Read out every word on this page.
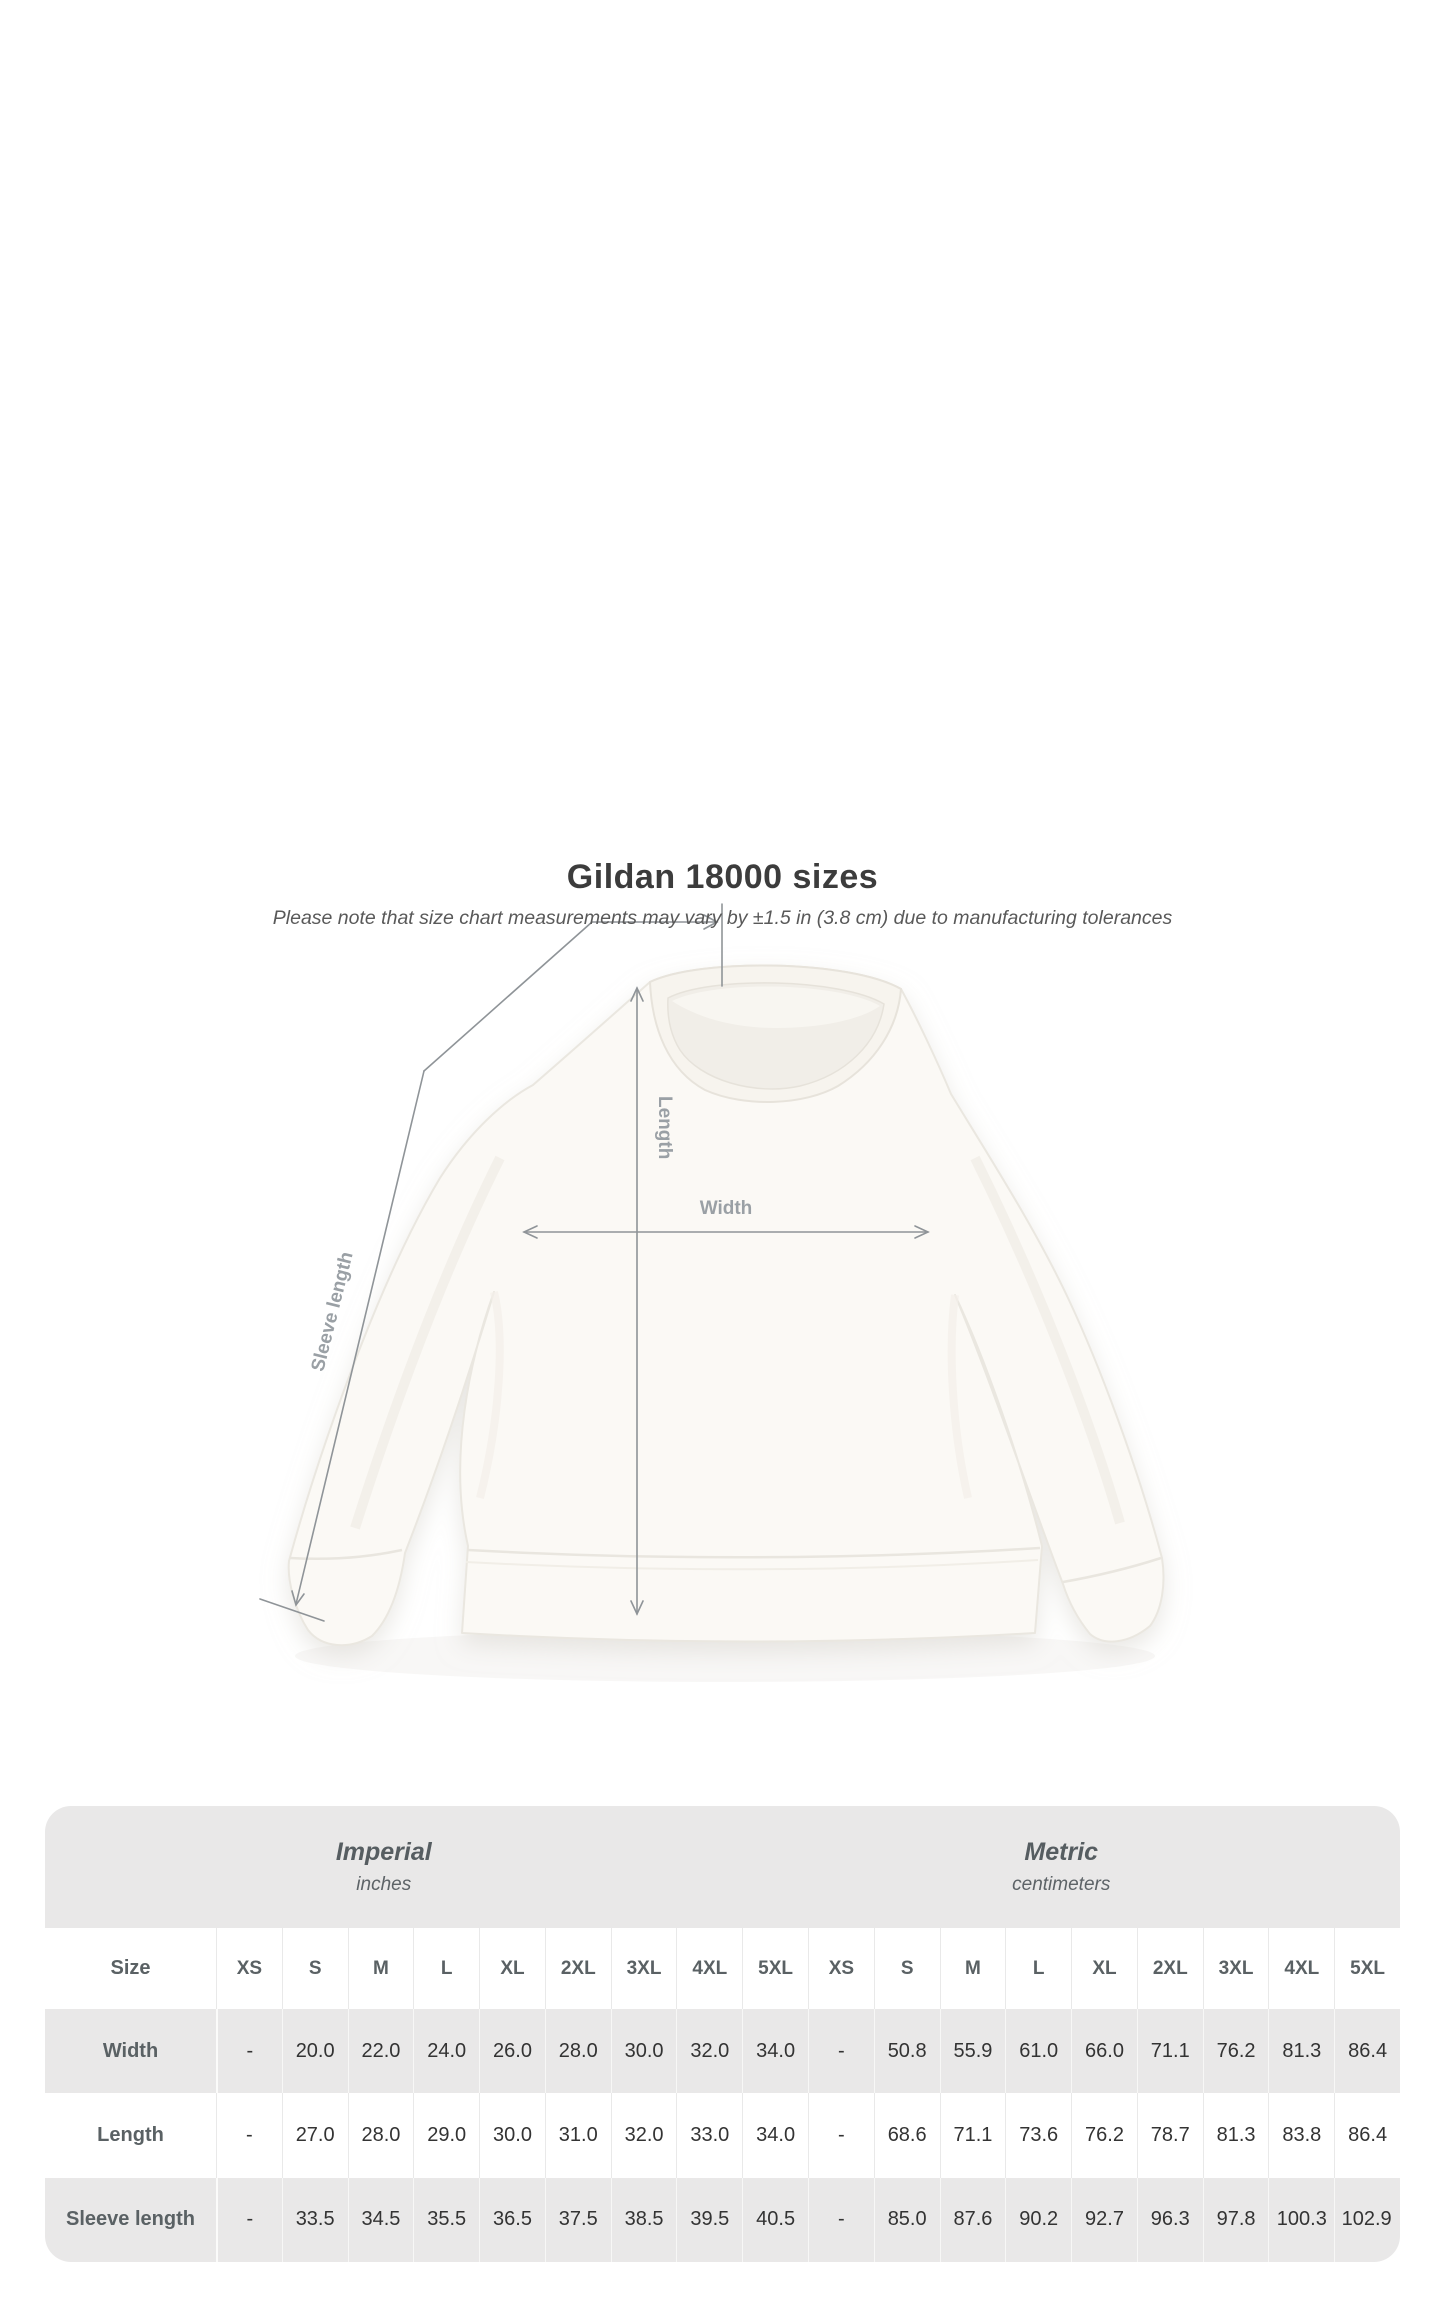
Length
Width
Sleeve length
Gildan 18000 sizes
Please note that size chart measurements may vary by ±1.5 in (3.8 cm) due to manufacturing tolerances
Imperial
inches
Metric
centimeters
Size	XS	S	M	L	XL	2XL	3XL	4XL	5XL	XS	S	M	L	XL	2XL	3XL	4XL	5XL
Width	-	20.0	22.0	24.0	26.0	28.0	30.0	32.0	34.0	-	50.8	55.9	61.0	66.0	71.1	76.2	81.3	86.4
Length	-	27.0	28.0	29.0	30.0	31.0	32.0	33.0	34.0	-	68.6	71.1	73.6	76.2	78.7	81.3	83.8	86.4
Sleeve length	-	33.5	34.5	35.5	36.5	37.5	38.5	39.5	40.5	-	85.0	87.6	90.2	92.7	96.3	97.8	100.3 102.9
